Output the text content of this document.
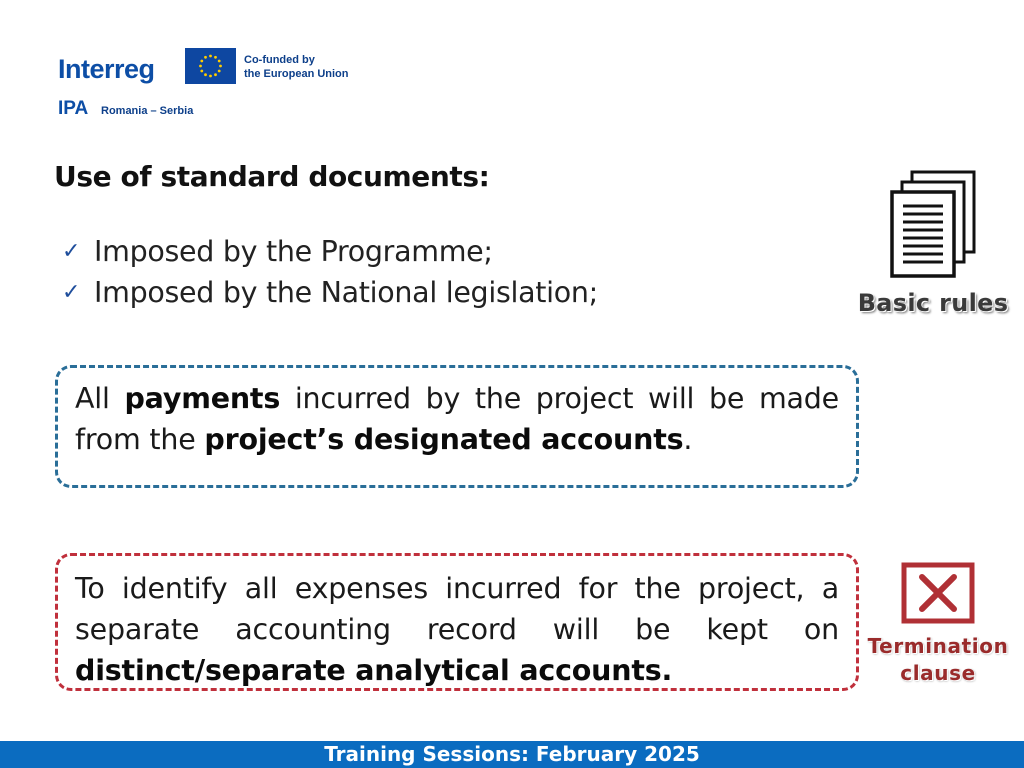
Interreg	Co-funded by
the European Union
IPA Romania – Serbia
Use of standard documents:
✓ Imposed by the Programme;
✓ Imposed by the National legislation;	Basic rules
All payments incurred by the project will be made from the project’s designated accounts.
To identify all expenses incurred for the project, a separate accounting record will be kept on distinct/separate analytical accounts.
Termination
clause
Training Sessions: February 2025
